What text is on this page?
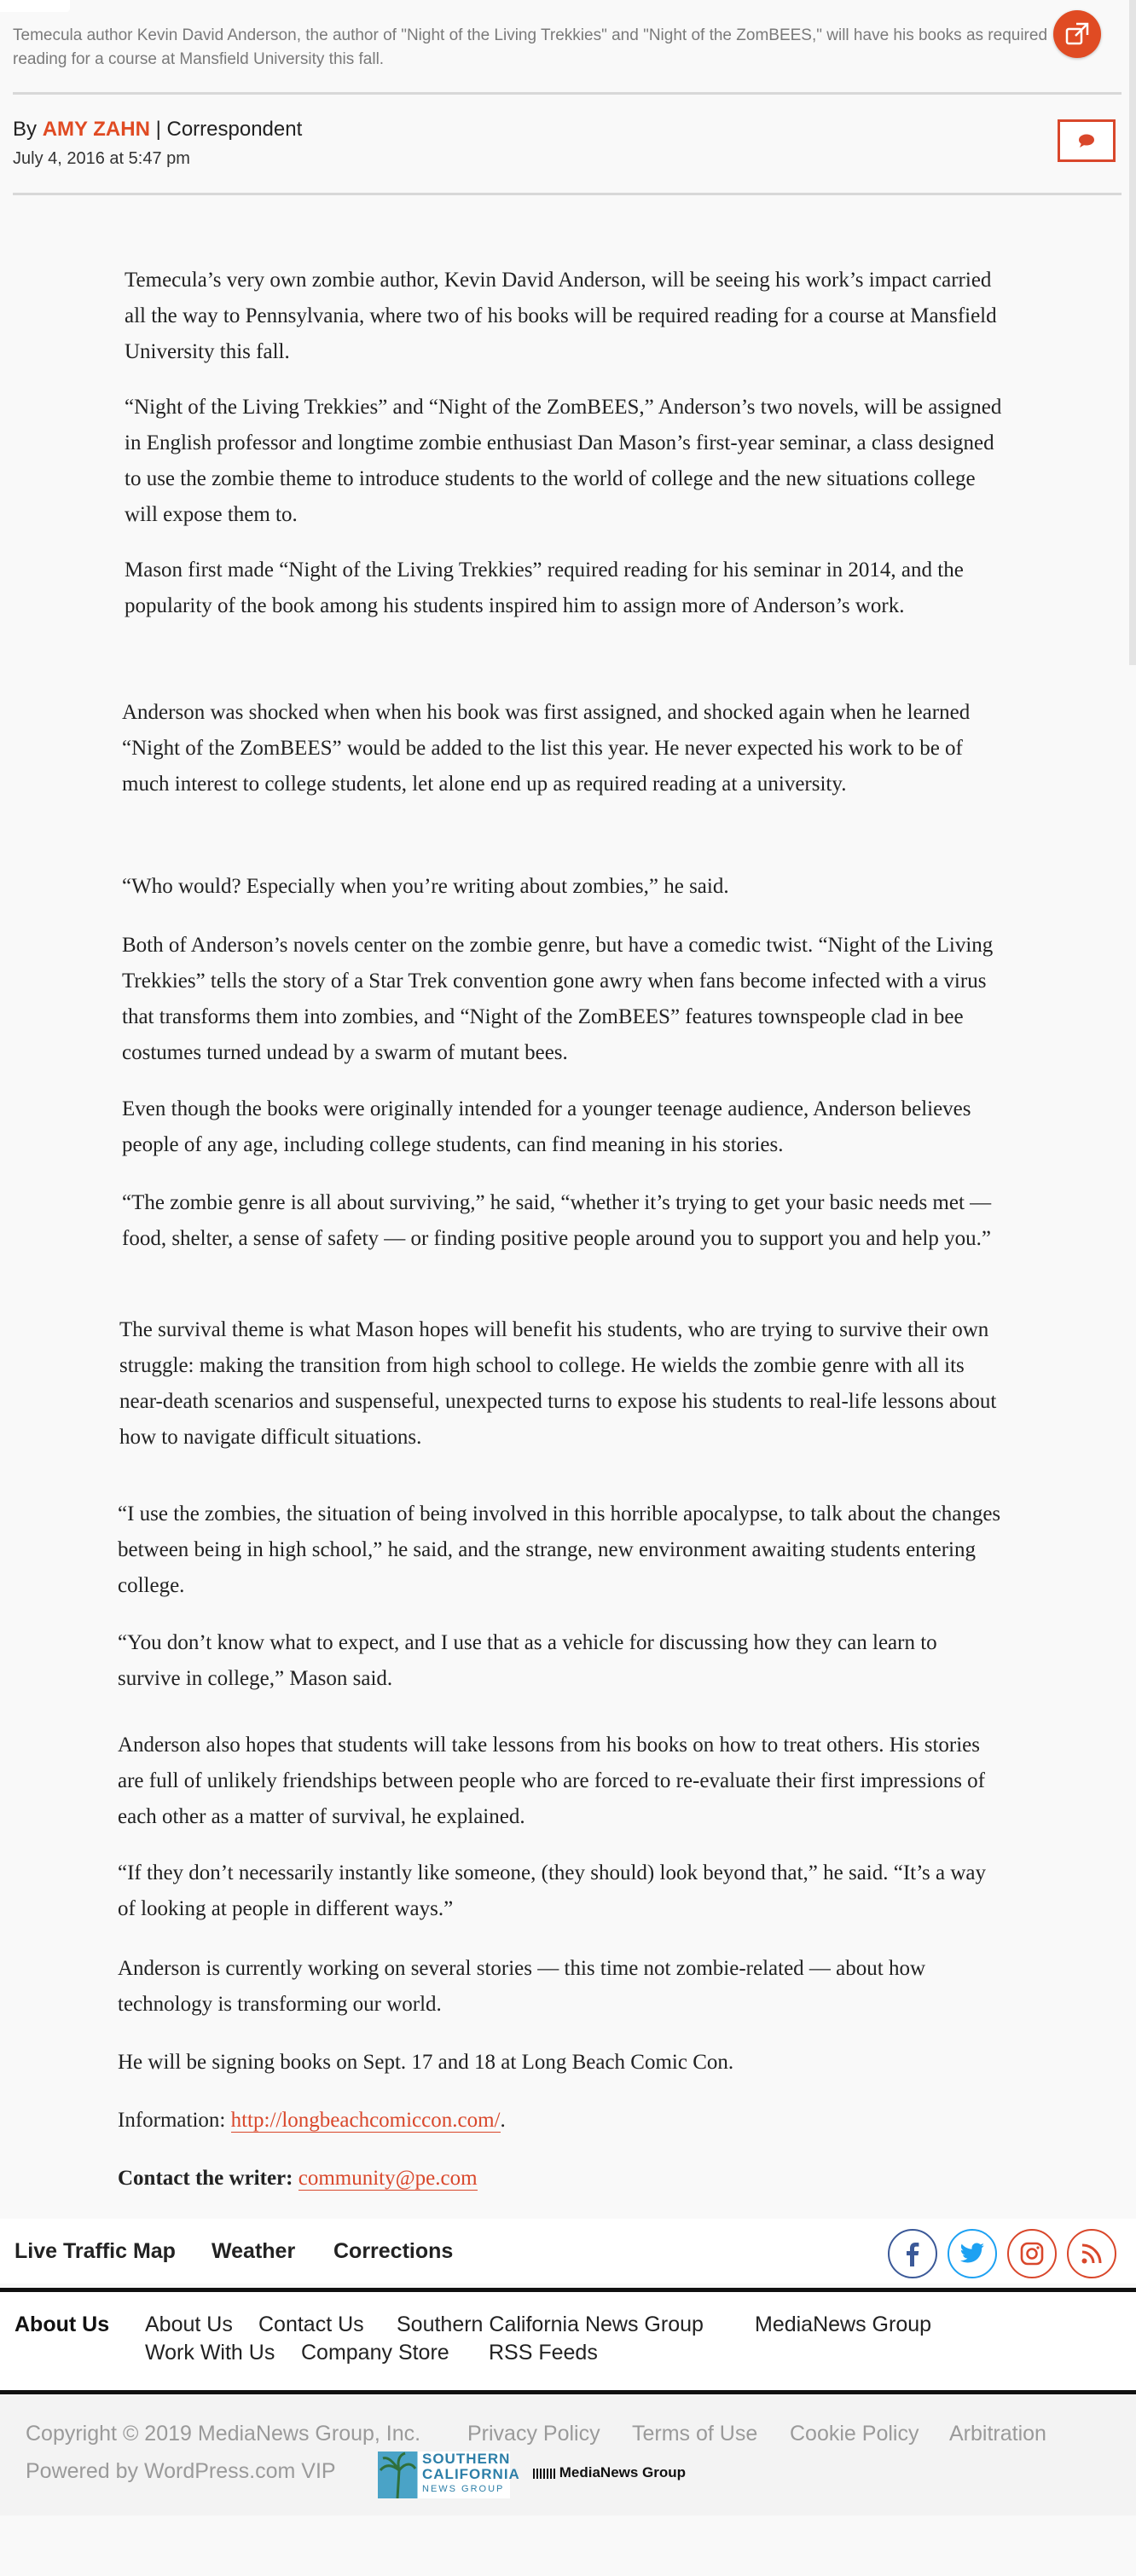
Temecula author Kevin David Anderson, the author of "Night of the Living Trekkies" and "Night of the ZomBEES," will have his books as required reading for a course at Mansfield University this fall.
By AMY ZAHN | Correspondent
July 4, 2016 at 5:47 pm
Temecula’s very own zombie author, Kevin David Anderson, will be seeing his work’s impact carried all the way to Pennsylvania, where two of his books will be required reading for a course at Mansfield University this fall.
“Night of the Living Trekkies” and “Night of the ZomBEES,” Anderson’s two novels, will be assigned in English professor and longtime zombie enthusiast Dan Mason’s first-year seminar, a class designed to use the zombie theme to introduce students to the world of college and the new situations college will expose them to.
Mason first made “Night of the Living Trekkies” required reading for his seminar in 2014, and the popularity of the book among his students inspired him to assign more of Anderson’s work.
Anderson was shocked when when his book was first assigned, and shocked again when he learned “Night of the ZomBEES” would be added to the list this year. He never expected his work to be of much interest to college students, let alone end up as required reading at a university.
“Who would? Especially when you’re writing about zombies,” he said.
Both of Anderson’s novels center on the zombie genre, but have a comedic twist. “Night of the Living Trekkies” tells the story of a Star Trek convention gone awry when fans become infected with a virus that transforms them into zombies, and “Night of the ZomBEES” features townspeople clad in bee costumes turned undead by a swarm of mutant bees.
Even though the books were originally intended for a younger teenage audience, Anderson believes people of any age, including college students, can find meaning in his stories.
“The zombie genre is all about surviving,” he said, “whether it’s trying to get your basic needs met — food, shelter, a sense of safety — or finding positive people around you to support you and help you.”
The survival theme is what Mason hopes will benefit his students, who are trying to survive their own struggle: making the transition from high school to college. He wields the zombie genre with all its near-death scenarios and suspenseful, unexpected turns to expose his students to real-life lessons about how to navigate difficult situations.
“I use the zombies, the situation of being involved in this horrible apocalypse, to talk about the changes between being in high school,” he said, and the strange, new environment awaiting students entering college.
“You don’t know what to expect, and I use that as a vehicle for discussing how they can learn to survive in college,” Mason said.
Anderson also hopes that students will take lessons from his books on how to treat others. His stories are full of unlikely friendships between people who are forced to re-evaluate their first impressions of each other as a matter of survival, he explained.
“If they don’t necessarily instantly like someone, (they should) look beyond that,” he said. “It’s a way of looking at people in different ways.”
Anderson is currently working on several stories — this time not zombie-related — about how technology is transforming our world.
He will be signing books on Sept. 17 and 18 at Long Beach Comic Con.
Information: http://longbeachcomiccon.com/.
Contact the writer: community@pe.com
Live Traffic Map Weather Corrections
About Us About Us Contact Us Southern California News Group MediaNews Group
Work With Us Company Store RSS Feeds
Copyright © 2019 MediaNews Group, Inc. Privacy Policy Terms of Use Cookie Policy Arbitration
Powered by WordPress.com VIP
SOUTHERN
CALIFORNIA
NEWS GROUP
MediaNews Group
